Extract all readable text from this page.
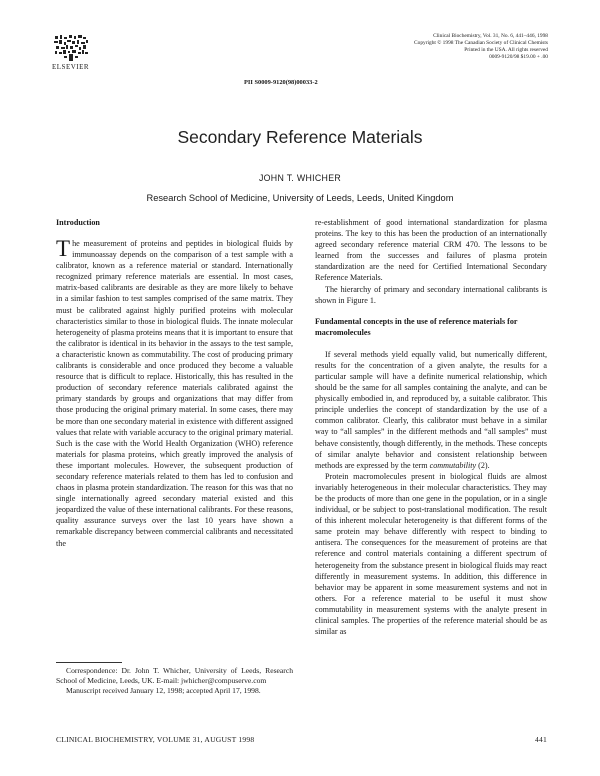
ELSEVIER
Clinical Biochemistry, Vol. 31, No. 6, 441–446, 1998
Copyright © 1998 The Canadian Society of Clinical Chemists
Printed in the USA. All rights reserved
0009-9120/98 $19.00 + .00
PII S0009-9120(98)00033-2
Secondary Reference Materials
JOHN T. WHICHER
Research School of Medicine, University of Leeds, Leeds, United Kingdom
Introduction

The measurement of proteins and peptides in biological fluids by immunoassay depends on the comparison of a test sample with a calibrator, known as a reference material or standard. Internationally recognized primary reference materials are essential. In most cases, matrix-based calibrants are desirable as they are more likely to behave in a similar fashion to test samples comprised of the same matrix. They must be calibrated against highly purified proteins with molecular characteristics similar to those in biological fluids. The innate molecular heterogeneity of plasma proteins means that it is important to ensure that the calibrator is identical in its behavior in the assays to the test sample, a characteristic known as commutability. The cost of producing primary calibrants is considerable and once produced they become a valuable resource that is difficult to replace. Historically, this has resulted in the production of secondary reference materials calibrated against the primary standards by groups and organizations that may differ from those producing the original primary material. In some cases, there may be more than one secondary material in existence with different assigned values that relate with variable accuracy to the original primary material. Such is the case with the World Health Organization (WHO) reference materials for plasma proteins, which greatly improved the analysis of these important molecules. However, the subsequent production of secondary reference materials related to them has led to confusion and chaos in plasma protein standardization. The reason for this was that no single internationally agreed secondary material existed and this jeopardized the value of these international calibrants. For these reasons, quality assurance surveys over the last 10 years have shown a remarkable discrepancy between commercial calibrants and necessitated the

re-establishment of good international standardization for plasma proteins. The key to this has been the production of an internationally agreed secondary reference material CRM 470. The lessons to be learned from the successes and failures of plasma protein standardization are the need for Certified International Secondary Reference Materials.

The hierarchy of primary and secondary international calibrants is shown in Figure 1.

Fundamental concepts in the use of reference materials for macromolecules

If several methods yield equally valid, but numerically different, results for the concentration of a given analyte, the results for a particular sample will have a definite numerical relationship, which should be the same for all samples containing the analyte, and can be physically embodied in, and reproduced by, a suitable calibrator. This principle underlies the concept of standardization by the use of a common calibrator. Clearly, this calibrator must behave in a similar way to “all samples” in the different methods and “all samples” must behave consistently, though differently, in the methods. These concepts of similar analyte behavior and consistent relationship between methods are expressed by the term commutability (2).

Protein macromolecules present in biological fluids are almost invariably heterogeneous in their molecular characteristics. They may be the products of more than one gene in the population, or in a single individual, or be subject to post-translational modification. The result of this inherent molecular heterogeneity is that different forms of the same protein may behave differently with respect to binding to antisera. The consequences for the measurement of proteins are that reference and control materials containing a different spectrum of heterogeneity from the substance present in biological fluids may react differently in measurement systems. In addition, this difference in behavior may be apparent in some measurement systems and not in others. For a reference material to be useful it must show commutability in measurement systems with the analyte present in clinical samples. The properties of the reference material should be as similar as

Correspondence: Dr. John T. Whicher, University of Leeds, Research School of Medicine, Leeds, UK. E-mail: jwhicher@compuserve.com

Manuscript received January 12, 1998; accepted April 17, 1998.

CLINICAL BIOCHEMISTRY, VOLUME 31, AUGUST 1998	441
